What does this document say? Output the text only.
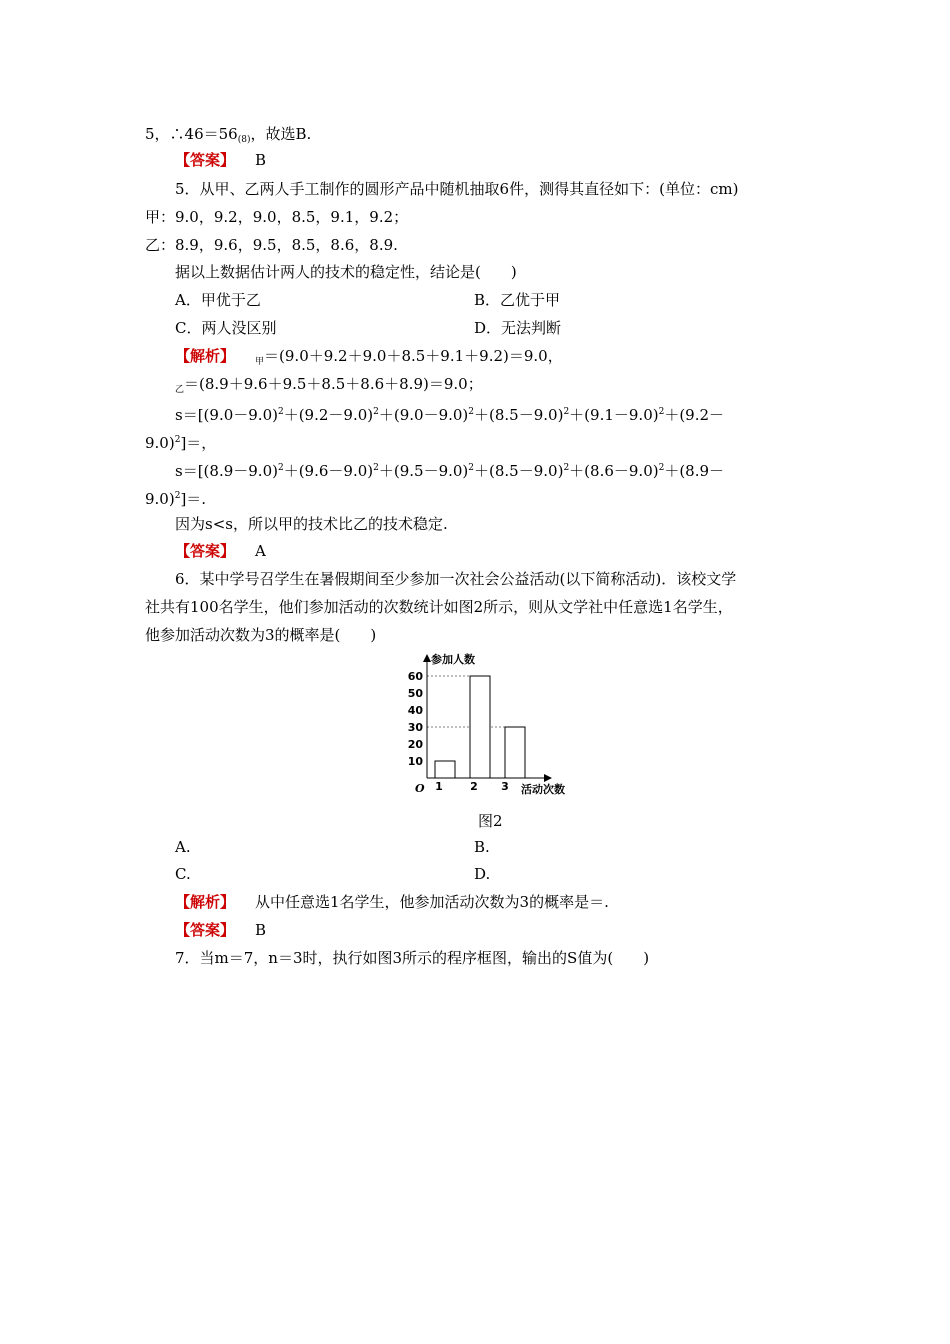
5，$\therefore 46=56_{(8)}$，故选B.
【答案】 B
5．从甲、乙两人手工制作的圆形产品中随机抽取6件，测得其直径如下：(单位：cm)
甲：9.0，9.2，9.0，8.5，9.1，9.2；
乙：8.9，9.6，9.5，8.5，8.6，8.9.
据以上数据估计两人的技术的稳定性，结论是(　　)
A．甲优于乙	B．乙优于甲
C．两人没区别	D．无法判断
【解析】 $_甲$＝(9.0＋9.2＋9.0＋8.5＋9.1＋9.2)＝9.0，
$_乙$＝(8.9＋9.6＋9.5＋8.5＋8.6＋8.9)＝9.0；
$s=[(9.0-9.0)^2+(9.2-9.0)^2+(9.0-9.0)^2+(8.5-9.0)^2+(9.1-9.0)^2+(9.2-$
9.0)$^2$]＝，
$s=[(8.9-9.0)^2+(9.6-9.0)^2+(9.5-9.0)^2+(8.5-9.0)^2+(8.6-9.0)^2+(8.9-$
9.0)$^2$]＝.
因为s<s，所以甲的技术比乙的技术稳定.
【答案】 A
6．某中学号召学生在暑假期间至少参加一次社会公益活动(以下简称活动)．该校文学
社共有100名学生，他们参加活动的次数统计如图2所示，则从文学社中任意选1名学生，
他参加活动次数为3的概率是(　　)
参加人数
活动次数
O
10
20
30
40
50
60
1 2 3
图2
A.	B.
C.	D.
【解析】 从中任意选1名学生，他参加活动次数为3的概率是＝.
【答案】 B
7．当m＝7，n＝3时，执行如图3所示的程序框图，输出的S值为(　　)
